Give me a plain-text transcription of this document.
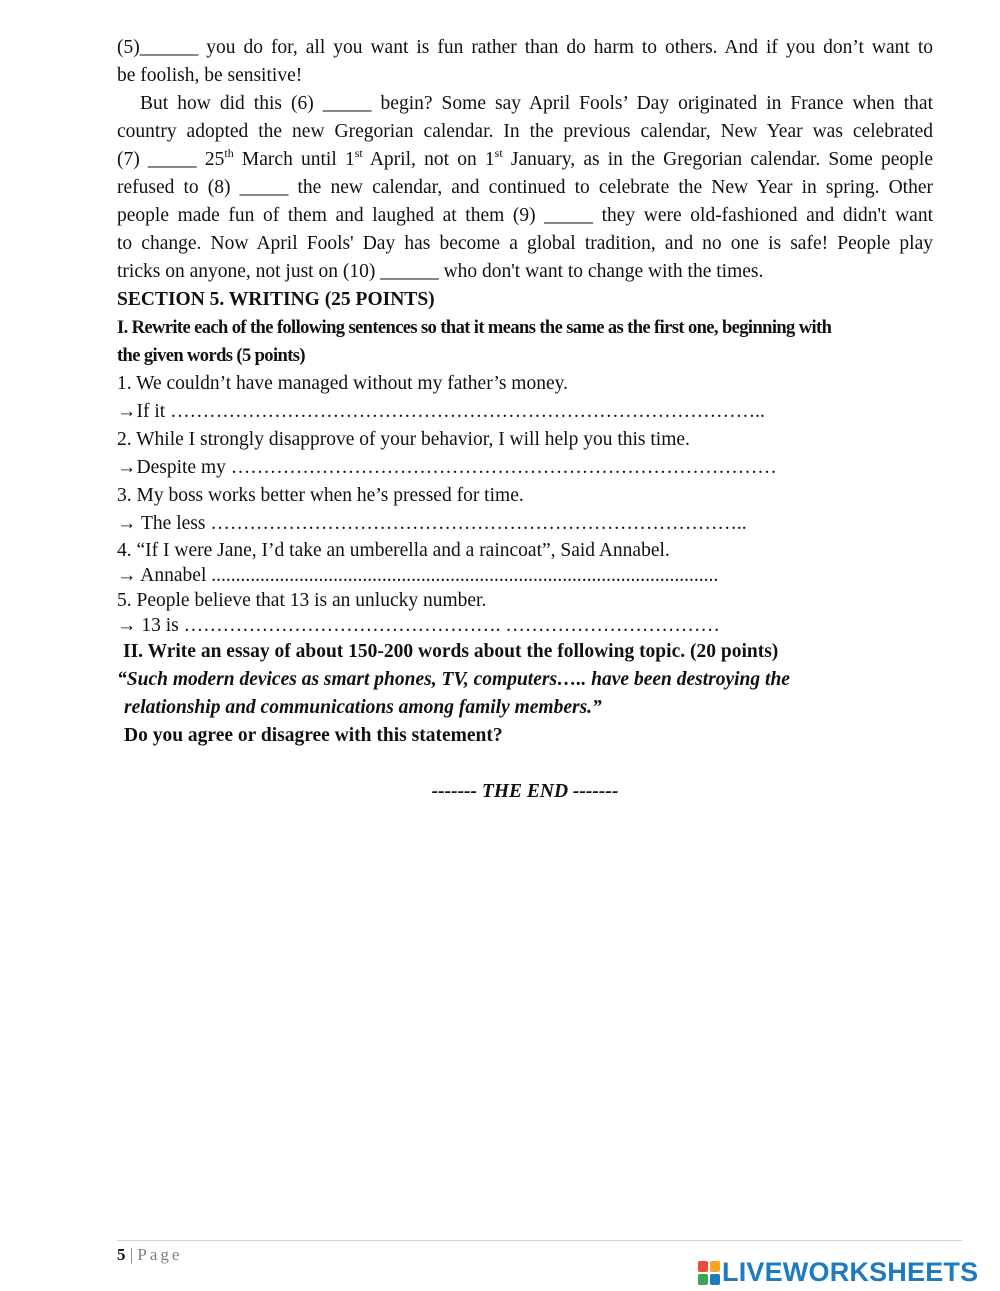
(5)______ you do for, all you want is fun rather than do harm to others. And if you don’t want to
be foolish, be sensitive!
But how did this (6) _____ begin? Some say April Fools’ Day originated in France when that
country adopted the new Gregorian calendar. In the previous calendar, New Year was celebrated
(7) _____ 25th March until 1st April, not on 1st January, as in the Gregorian calendar. Some people
refused to (8) _____ the new calendar, and continued to celebrate the New Year in spring. Other
people made fun of them and laughed at them (9) _____ they were old-fashioned and didn't want
to change. Now April Fools' Day has become a global tradition, and no one is safe! People play
tricks on anyone, not just on (10) ______ who don't want to change with the times.
SECTION 5. WRITING (25 POINTS)
I. Rewrite each of the following sentences so that it means the same as the first one, beginning with
the given words (5 points)
1. We couldn’t have managed without my father’s money.
→If it ………………………………………………………………………………..
2. While I strongly disapprove of your behavior, I will help you this time.
→Despite my …………………………………………………………………………
3. My boss works better when he’s pressed for time.
→ The less ………………………………………………………………………..
4. “If I were Jane, I’d take an umberella and a raincoat”, Said Annabel.
→ Annabel ........................................................................................................
5. People believe that 13 is an unlucky number.
→ 13 is …………………………………………. ……………………………
II. Write an essay of about 150-200 words about the following topic. (20 points)
“Such modern devices as smart phones, TV, computers….. have been destroying the
relationship and communications among family members.”
Do you agree or disagree with this statement?
------- THE END -------
5 | Page
LIVEWORKSHEETS
